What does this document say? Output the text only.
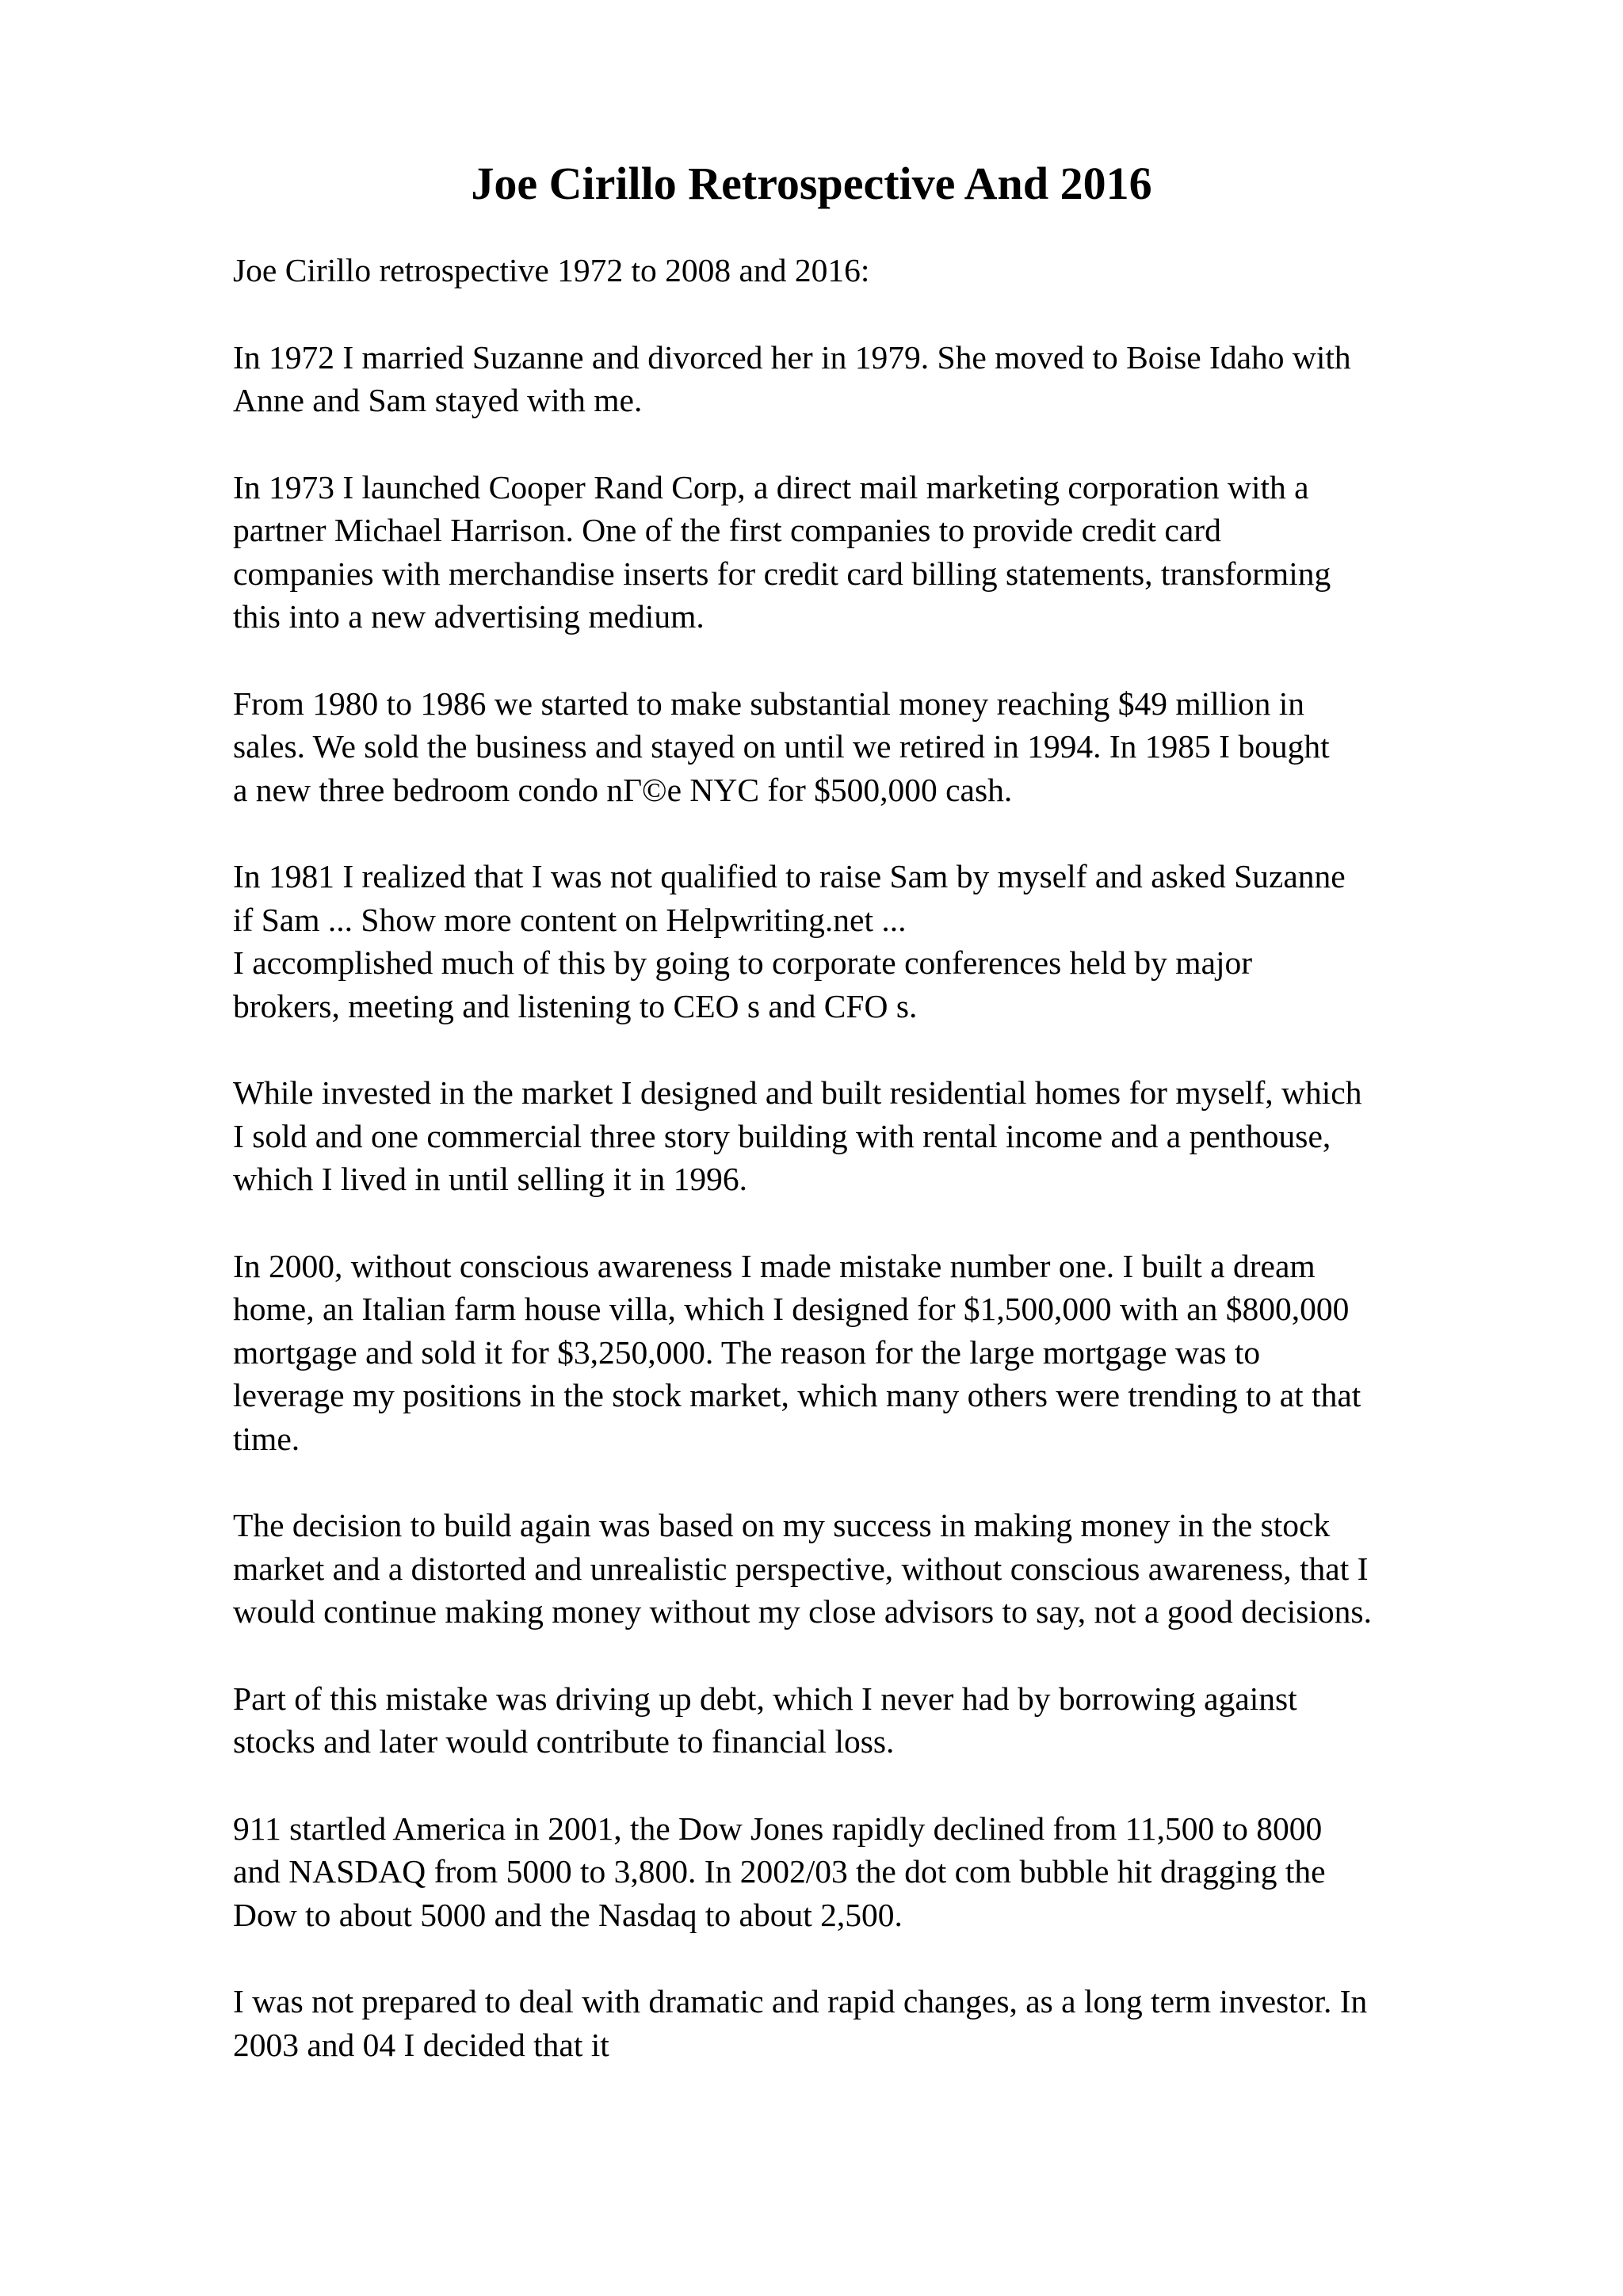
Joe Cirillo Retrospective And 2016

Joe Cirillo retrospective 1972 to 2008 and 2016:

In 1972 I married Suzanne and divorced her in 1979. She moved to Boise Idaho with
Anne and Sam stayed with me.

In 1973 I launched Cooper Rand Corp, a direct mail marketing corporation with a
partner Michael Harrison. One of the first companies to provide credit card
companies with merchandise inserts for credit card billing statements, transforming
this into a new advertising medium.

From 1980 to 1986 we started to make substantial money reaching $49 million in
sales. We sold the business and stayed on until we retired in 1994. In 1985 I bought
a new three bedroom condo nГ©e NYC for $500,000 cash.

In 1981 I realized that I was not qualified to raise Sam by myself and asked Suzanne
if Sam ... Show more content on Helpwriting.net ...

I accomplished much of this by going to corporate conferences held by major
brokers, meeting and listening to CEO s and CFO s.

While invested in the market I designed and built residential homes for myself, which
I sold and one commercial three story building with rental income and a penthouse,
which I lived in until selling it in 1996.

In 2000, without conscious awareness I made mistake number one. I built a dream
home, an Italian farm house villa, which I designed for $1,500,000 with an $800,000
mortgage and sold it for $3,250,000. The reason for the large mortgage was to
leverage my positions in the stock market, which many others were trending to at that
time.

The decision to build again was based on my success in making money in the stock
market and a distorted and unrealistic perspective, without conscious awareness, that I
would continue making money without my close advisors to say, not a good decisions.

Part of this mistake was driving up debt, which I never had by borrowing against
stocks and later would contribute to financial loss.

911 startled America in 2001, the Dow Jones rapidly declined from 11,500 to 8000
and NASDAQ from 5000 to 3,800. In 2002/03 the dot com bubble hit dragging the
Dow to about 5000 and the Nasdaq to about 2,500.

I was not prepared to deal with dramatic and rapid changes, as a long term investor. In
2003 and 04 I decided that it
